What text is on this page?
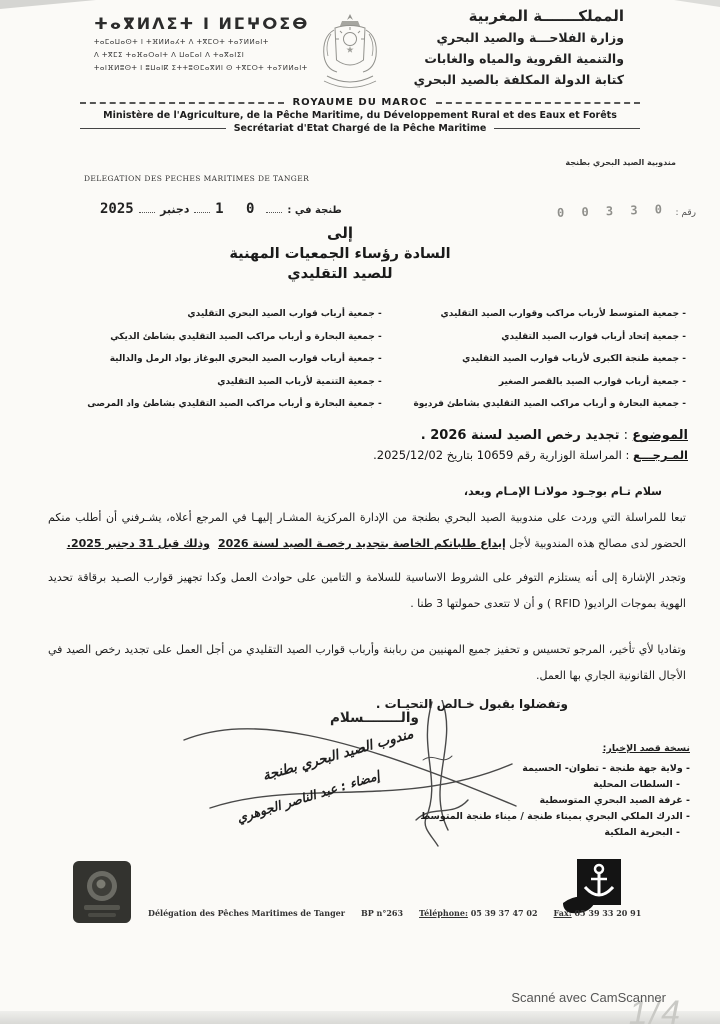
ⵜⴰⴳⵍⴷⵉⵜ ⵏ ⵍⵎⵖⵔⵉⴱ
ⵜⴰⵎⴰⵡⴰⵙⵜ ⵏ ⵜⴼⵍⵍⴰⵃⵜ ⴷ ⵜⴳⵎⵔⵜ ⵜⴰⵢⵍⵍⴰⵏⵜ
ⴷ ⵜⴳⵎⵉ ⵜⴰⴼⴰⵔⴰⵏⵜ ⴷ ⵡⴰⵎⴰⵏ ⴷ ⵜⴰⴳⴰⵏⵉⵏ
ⵜⴰⵏⴼⵍⵓⵙⵜ ⵏ ⵓⵡⴰⵏⴽ ⵉⵜⵜⵓⵙⵎⴰⴳⵍⵏ ⵙ ⵜⴳⵎⵔⵜ ⵜⴰⵢⵍⵍⴰⵏⵜ
المملكـــــــة المغربية
وزارة الفلاحـــة والصيد البحري
والتنمية القروية والمياه والغابات
كتابة الدولة المكلفة بالصيد البحري
ROYAUME DU MAROC
Ministère de l'Agriculture, de la Pêche Maritime, du Développement Rural et des Eaux et Forêts
Secrétariat d'Etat Chargé de la Pêche Maritime
مندوبية الصيد البحري بطنجة
DELEGATION DES PECHES MARITIMES DE TANGER
2025 دجنبر 1 0	طنجة في :	0 0 3 3 0 رقم :
إلى
السادة رؤساء الجمعيات المهنية
للصيد التقليدي
- جمعية المتوسط لأرباب مراكب وقوارب الصيد التقليدي
- جمعية أرباب قوارب الصيد البحري التقليدي
- جمعية إتحاد أرباب قوارب الصيد التقليدي
- جمعية البحارة و أرباب مراكب الصيد التقليدي بشاطئ الديكي
- جمعية طنجة الكبرى لأرباب قوارب الصيد التقليدي
- جمعية أرباب قوارب الصيد البحري البوغاز بواد الرمل والدالية
- جمعية أرباب قوارب الصيد بالقصر الصغير
- جمعية التنمية لأرباب الصيد التقليدي
- جمعية البحارة و أرباب مراكب الصيد التقليدي بشاطئ فرديوة
- جمعية البحارة و أرباب مراكب الصيد التقليدي بشاطئ واد المرصى
الموضوع : تجديد رخص الصيد لسنة 2026 .
المـرجـــع : المراسلة الوزارية رقم 10659 بتاريخ 2025/12/02.
سلام تـام بوجـود مولانـا الإمـام وبعد،
تبعا للمراسلة التي وردت على مندوبية الصيد البحري بطنجة من الإدارة المركزية المشـار إليهـا في المرجع أعلاه، يشـرفني أن أطلب منكم الحضور لدى مصالح هذه المندوبية لأجل إيداع طلباتكم الخاصة بتجديد رخصـة الصيد لسنة 2026وذلك قبل 31 دجنبر 2025.
وتجدر الإشارة إلى أنه يستلزم التوفر على الشروط الاساسية للسلامة و التامين على حوادث العمل وكدا تجهيز قوارب الصـيد برقاقة تحديد الهوية بموجات الراديو( RFID ) و أن لا تتعدى حمولتها 3 طنا .
وتفاديا لأي تأخير، المرجو تحسيس و تحفيز جميع المهنيين من ربابنة وأرباب قوارب الصيد التقليدي من أجل العمل على تجديد رخص الصيد في الأجال القانونية الجاري بها العمل.
وتفضلوا بقبول خـالص التحيـات .
والــــــــسلام
مندوب الصيد البحري بطنجة
إمضاء : عبد الناصر الجوهري
نسخة قصد الإخبار:
- ولاية جهة طنجة - تطوان- الحسيمة
- السلطات المحلية
- غرفة الصيد البحري المتوسطية
- الدرك الملكي البحري بميناء طنجة / ميناء طنجة المتوسط
- البحرية الملكية
Délégation des Pêches Maritimes de Tanger BP n°263 Téléphone: 05 39 37 47 02 Fax: 05 39 33 20 91
1/4
Scanné avec CamScanner
